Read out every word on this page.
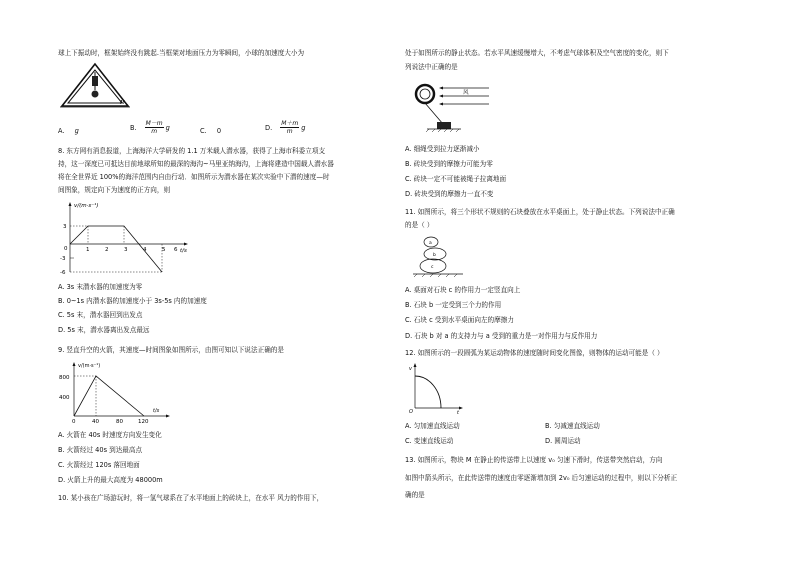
球上下振动时，框架始终没有跳起.当框架对地面压力为零瞬间，小球的加速度大小为
M
A. g	B. M－m
m g	C. 0	D. M＋m
m g
8. 东方网有消息报道，上海海洋大学研发的 1.1 万米载人潜水器，获得了上海市科委立项支
持，这一深度已可抵达目前地球所知的最深的海沟~马里亚纳海沟，上海将建造中国载人潜水器
将在全世界近 100%的海洋范围内自由行动．如图所示为潜水器在某次实验中下潜的速度—时
间图象，规定向下为速度的正方向，则
v/(m·s⁻¹)
t/s
3
0
-3
-6
1	2	3	4	5 6
A. 3s 末潜水器的加速度为零
B. 0~1s 内潜水器的加速度小于 3s-5s 内的加速度
C. 5s 末，潜水器回到出发点
D. 5s 末，潜水器离出发点最远
9. 竖直升空的火箭，其速度—时间图象如图所示，由图可知以下说法正确的是
v/(m·s⁻¹)
t/s
800
400
0	40	80	120
A. 火箭在 40s 时速度方向发生变化
B. 火箭经过 40s 到达最高点
C. 火箭经过 120s 落回地面
D. 火箭上升的最大高度为 48000m
10. 某小孩在广场游玩时，将一氢气球系在了水平地面上的砖块上，在水平 风力的作用下，
处于如图所示的静止状态。若水平风速缓慢增大，不考虑气球体积及空气密度的变化，则下
列说法中正确的是
风
A. 细绳受到拉力逐渐减小
B. 砖块受到的摩擦力可能为零
C. 砖块一定不可能被绳子拉离地面
D. 砖块受到的摩擦力一直不变
11. 如图所示，将三个形状不规则的石块叠放在水平桌面上，处于静止状态。下列说法中正确
的是（ ）
a
b
c
A. 桌面对石块 c 的作用力一定竖直向上
B. 石块 b 一定受到三个力的作用
C. 石块 c 受到水平桌面向左的摩擦力
D. 石块 b 对 a 的支持力与 a 受到的重力是一对作用力与反作用力
12. 如图所示的一段圆弧为某运动物体的速度随时间变化图像，则物体的运动可能是（ ）
v
t
O
A. 匀加速直线运动	B. 匀减速直线运动
C. 变速直线运动	D. 圆周运动
13. 如图所示，物块 M 在静止的传送带上以速度 v₀ 匀速下滑时，传送带突然启动，方向
如图中箭头所示，在此传送带的速度由零逐渐增加到 2v₀ 后匀速运动的过程中，则以下分析正
确的是
